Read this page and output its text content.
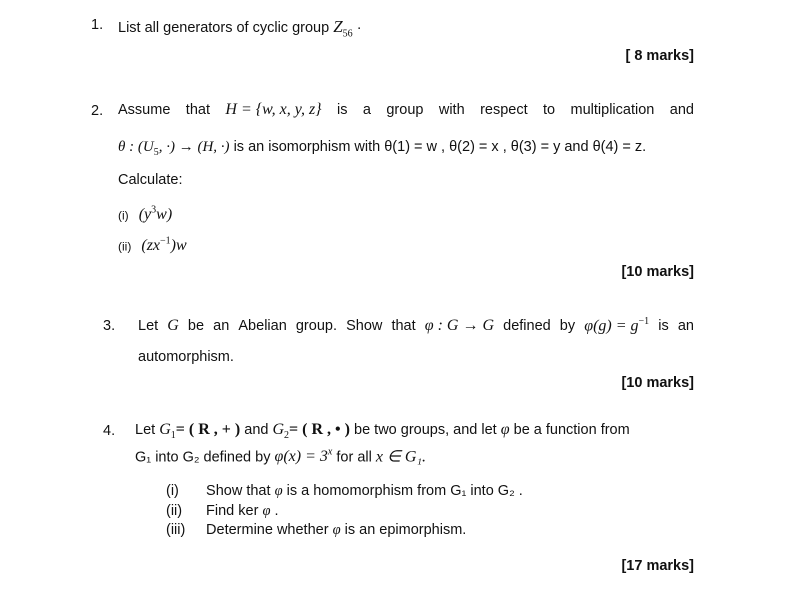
1. List all generators of cyclic group $Z_{56}$ ·
[ 8 marks]
2. Assume that H = {w, x, y, z} is a group with respect to multiplication and
θ : ($U_5$, ·) → (H, ·) is an isomorphism with θ(1) = w , θ(2) = x , θ(3) = y and θ(4) = z.
Calculate:
(i) $(y^3w)$
(ii) $(zx^{-1})w$
[10 marks]
3. Let G be an Abelian group. Show that φ : G → G defined by $\varphi(g) = g^{-1}$ is an
automorphism.
[10 marks]
4. Let $G_1=$ ( R , + ) and $G_2=$ ( R , • ) be two groups, and let φ be a function from
G₁ into G₂ defined by $\varphi(x) = 3^x$ for all x ∈ G₁.
(i) Show that φ is a homomorphism from G₁ into G₂ .
(ii) Find ker φ .
(iii) Determine whether φ is an epimorphism.
[17 marks]
